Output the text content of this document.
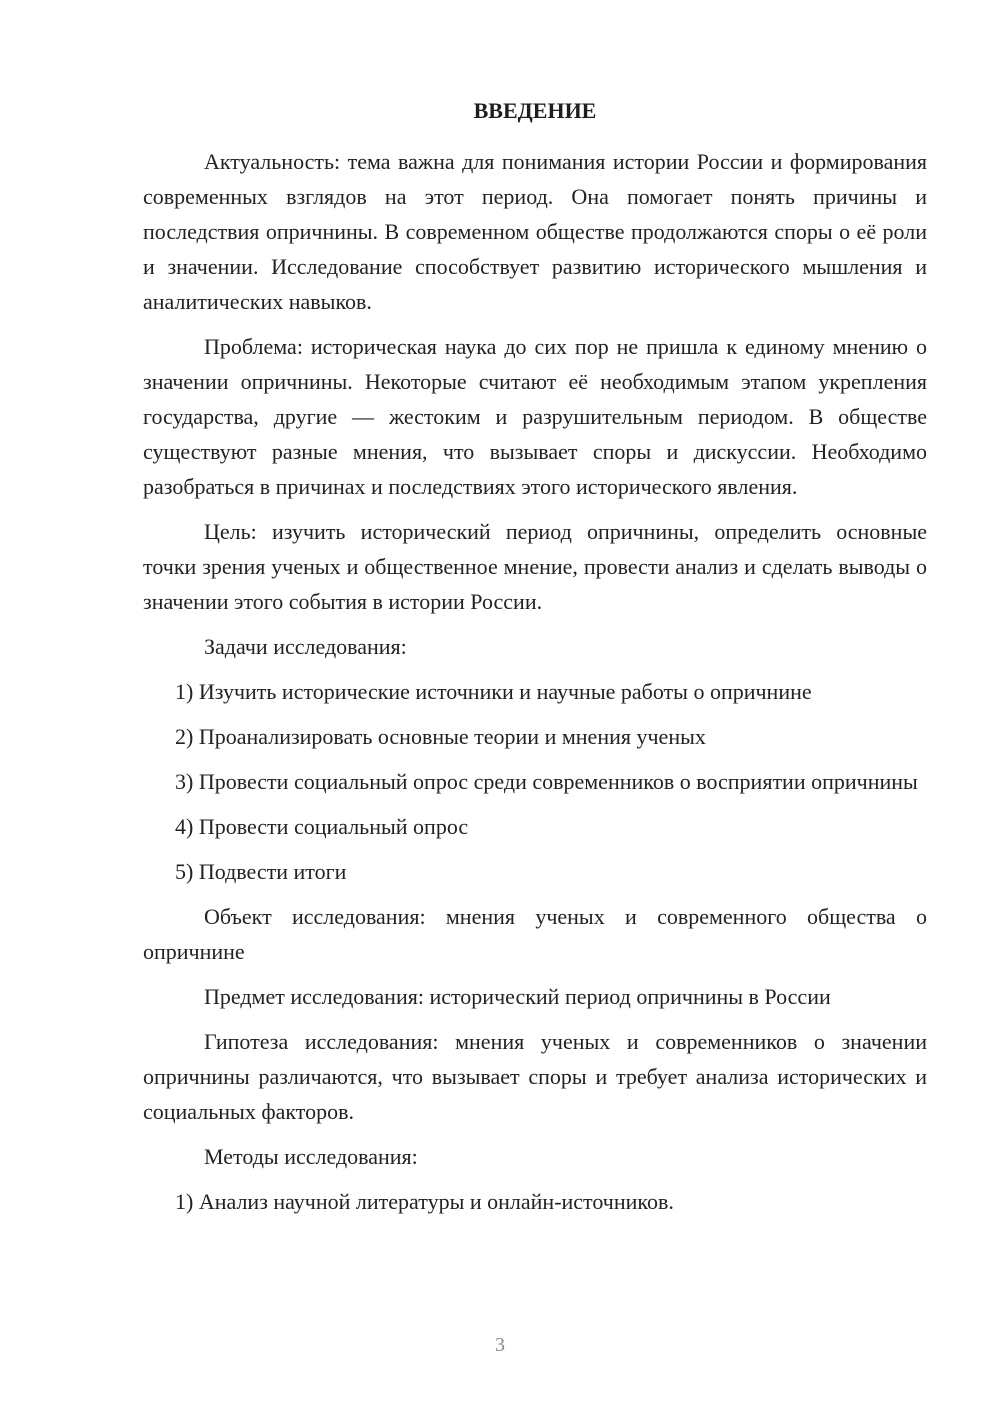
ВВЕДЕНИЕ

Актуальность: тема важна для понимания истории России и формирования современных взглядов на этот период. Она помогает понять причины и последствия опричнины. В современном обществе продолжаются споры о её роли и значении. Исследование способствует развитию исторического мышления и аналитических навыков.

Проблема: историческая наука до сих пор не пришла к единому мнению о значении опричнины. Некоторые считают её необходимым этапом укрепления государства, другие — жестоким и разрушительным периодом. В обществе существуют разные мнения, что вызывает споры и дискуссии. Необходимо разобраться в причинах и последствиях этого исторического явления.

Цель: изучить исторический период опричнины, определить основные точки зрения ученых и общественное мнение, провести анализ и сделать выводы о значении этого события в истории России.

Задачи исследования:

1) Изучить исторические источники и научные работы о опричнине

2) Проанализировать основные теории и мнения ученых

3) Провести социальный опрос среди современников о восприятии опричнины

4) Провести социальный опрос

5) Подвести итоги

Объект исследования: мнения ученых и современного общества о опричнине

Предмет исследования: исторический период опричнины в России

Гипотеза исследования: мнения ученых и современников о значении опричнины различаются, что вызывает споры и требует анализа исторических и социальных факторов.

Методы исследования:

1) Анализ научной литературы и онлайн-источников.

3
